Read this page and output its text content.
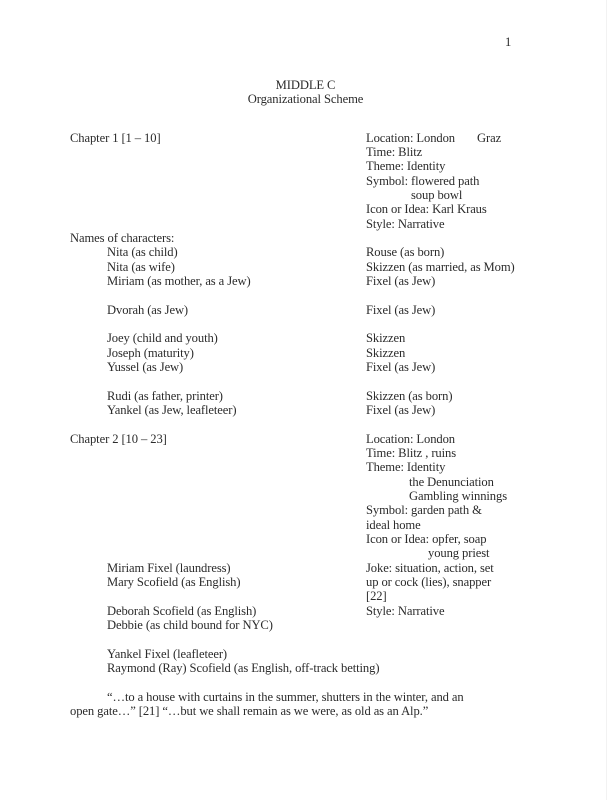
1
MIDDLE C
Organizational Scheme
Chapter 1 [1 – 10]	Location: London Graz
Time: Blitz
Theme: Identity
Symbol: flowered path
soup bowl
Icon or Idea: Karl Kraus
Style: Narrative
Names of characters:
Nita (as child)	Rouse (as born)
Nita (as wife)	Skizzen (as married, as Mom)
Miriam (as mother, as a Jew)	Fixel (as Jew)
Dvorah (as Jew)	Fixel (as Jew)
Joey (child and youth)	Skizzen
Joseph (maturity)	Skizzen
Yussel (as Jew)	Fixel (as Jew)
Rudi (as father, printer)	Skizzen (as born)
Yankel (as Jew, leafleteer)	Fixel (as Jew)
Chapter 2 [10 – 23]	Location: London
Time: Blitz , ruins
Theme: Identity
the Denunciation
Gambling winnings
Symbol: garden path &
ideal home
Icon or Idea: opfer, soap
young priest
Joke: situation, action, set
up or cock (lies), snapper
[22]
Style: Narrative
Miriam Fixel (laundress)
Mary Scofield (as English)
Deborah Scofield (as English)
Debbie (as child bound for NYC)
Yankel Fixel (leafleteer)
Raymond (Ray) Scofield (as English, off-track betting)
“…to a house with curtains in the summer, shutters in the winter, and an
open gate…” [21] “…but we shall remain as we were, as old as an Alp.”
